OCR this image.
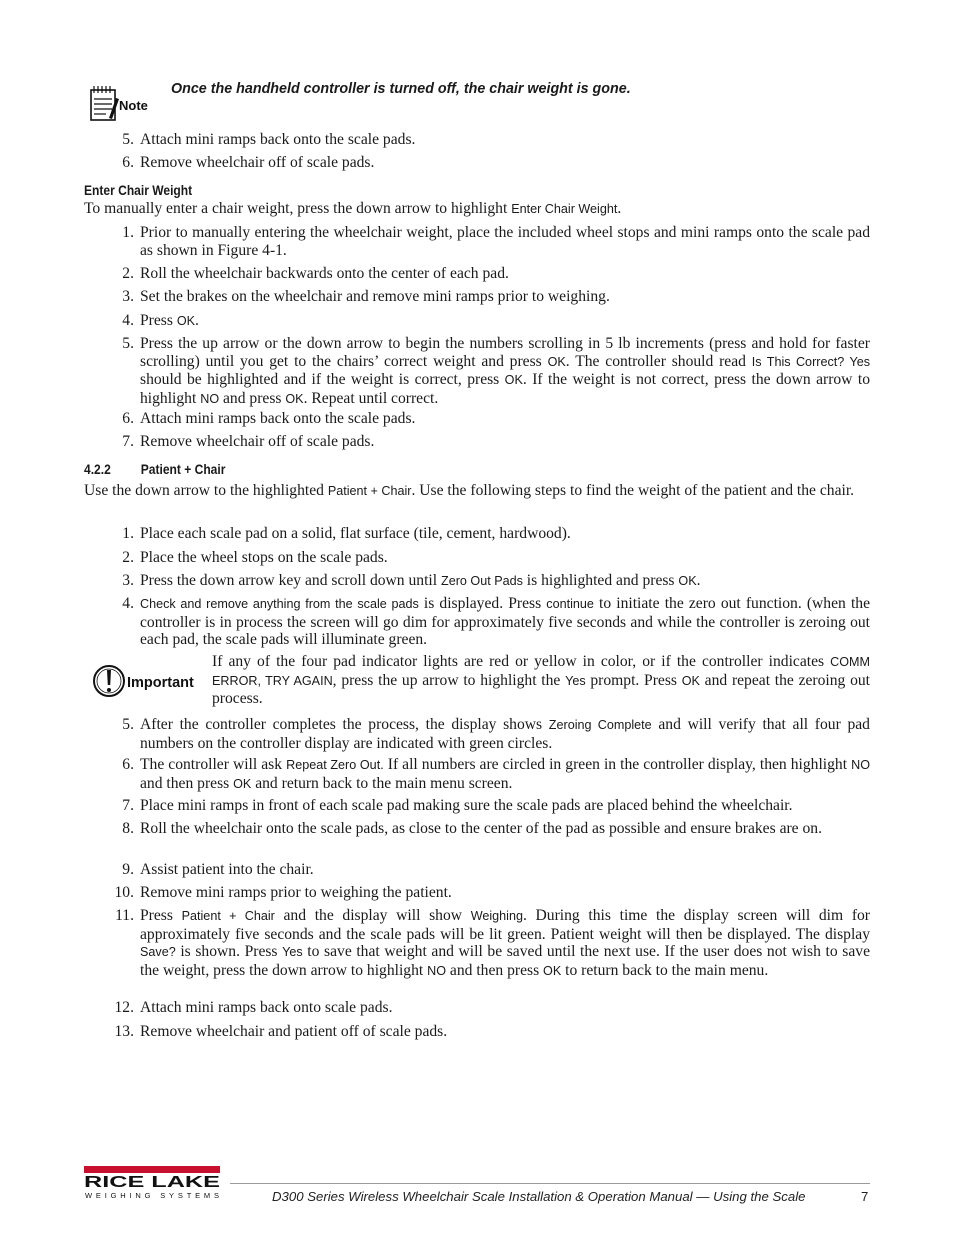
Note
Once the handheld controller is turned off, the chair weight is gone.
5. Attach mini ramps back onto the scale pads.
6. Remove wheelchair off of scale pads.
Enter Chair Weight
To manually enter a chair weight, press the down arrow to highlight Enter Chair Weight.
1. Prior to manually entering the wheelchair weight, place the included wheel stops and mini ramps onto the scale pad as shown in Figure 4-1.
2. Roll the wheelchair backwards onto the center of each pad.
3. Set the brakes on the wheelchair and remove mini ramps prior to weighing.
4. Press OK.
5. Press the up arrow or the down arrow to begin the numbers scrolling in 5 lb increments (press and hold for faster scrolling) until you get to the chairs’ correct weight and press OK. The controller should read Is This Correct? Yes should be highlighted and if the weight is correct, press OK. If the weight is not correct, press the down arrow to highlight NO and press OK. Repeat until correct.
6. Attach mini ramps back onto the scale pads.
7. Remove wheelchair off of scale pads.
4.2.2 Patient + Chair
Use the down arrow to the highlighted Patient + Chair. Use the following steps to find the weight of the patient and the chair.
1. Place each scale pad on a solid, flat surface (tile, cement, hardwood).
2. Place the wheel stops on the scale pads.
3. Press the down arrow key and scroll down until Zero Out Pads is highlighted and press OK.
4. Check and remove anything from the scale pads is displayed. Press continue to initiate the zero out function. (when the controller is in process the screen will go dim for approximately five seconds and while the controller is zeroing out each pad, the scale pads will illuminate green.
Important
If any of the four pad indicator lights are red or yellow in color, or if the controller indicates COMM ERROR, TRY AGAIN, press the up arrow to highlight the Yes prompt. Press OK and repeat the zeroing out process.
5. After the controller completes the process, the display shows Zeroing Complete and will verify that all four pad numbers on the controller display are indicated with green circles.
6. The controller will ask Repeat Zero Out. If all numbers are circled in green in the controller display, then highlight NO and then press OK and return back to the main menu screen.
7. Place mini ramps in front of each scale pad making sure the scale pads are placed behind the wheelchair.
8. Roll the wheelchair onto the scale pads, as close to the center of the pad as possible and ensure brakes are on.
9. Assist patient into the chair.
10. Remove mini ramps prior to weighing the patient.
11. Press Patient + Chair and the display will show Weighing. During this time the display screen will dim for approximately five seconds and the scale pads will be lit green. Patient weight will then be displayed. The display Save? is shown. Press Yes to save that weight and will be saved until the next use. If the user does not wish to save the weight, press the down arrow to highlight NO and then press OK to return back to the main menu.
12. Attach mini ramps back onto scale pads.
13. Remove wheelchair and patient off of scale pads.
RICE LAKE
WEIGHING SYSTEMS	D300 Series Wireless Wheelchair Scale Installation & Operation Manual — Using the Scale	7
